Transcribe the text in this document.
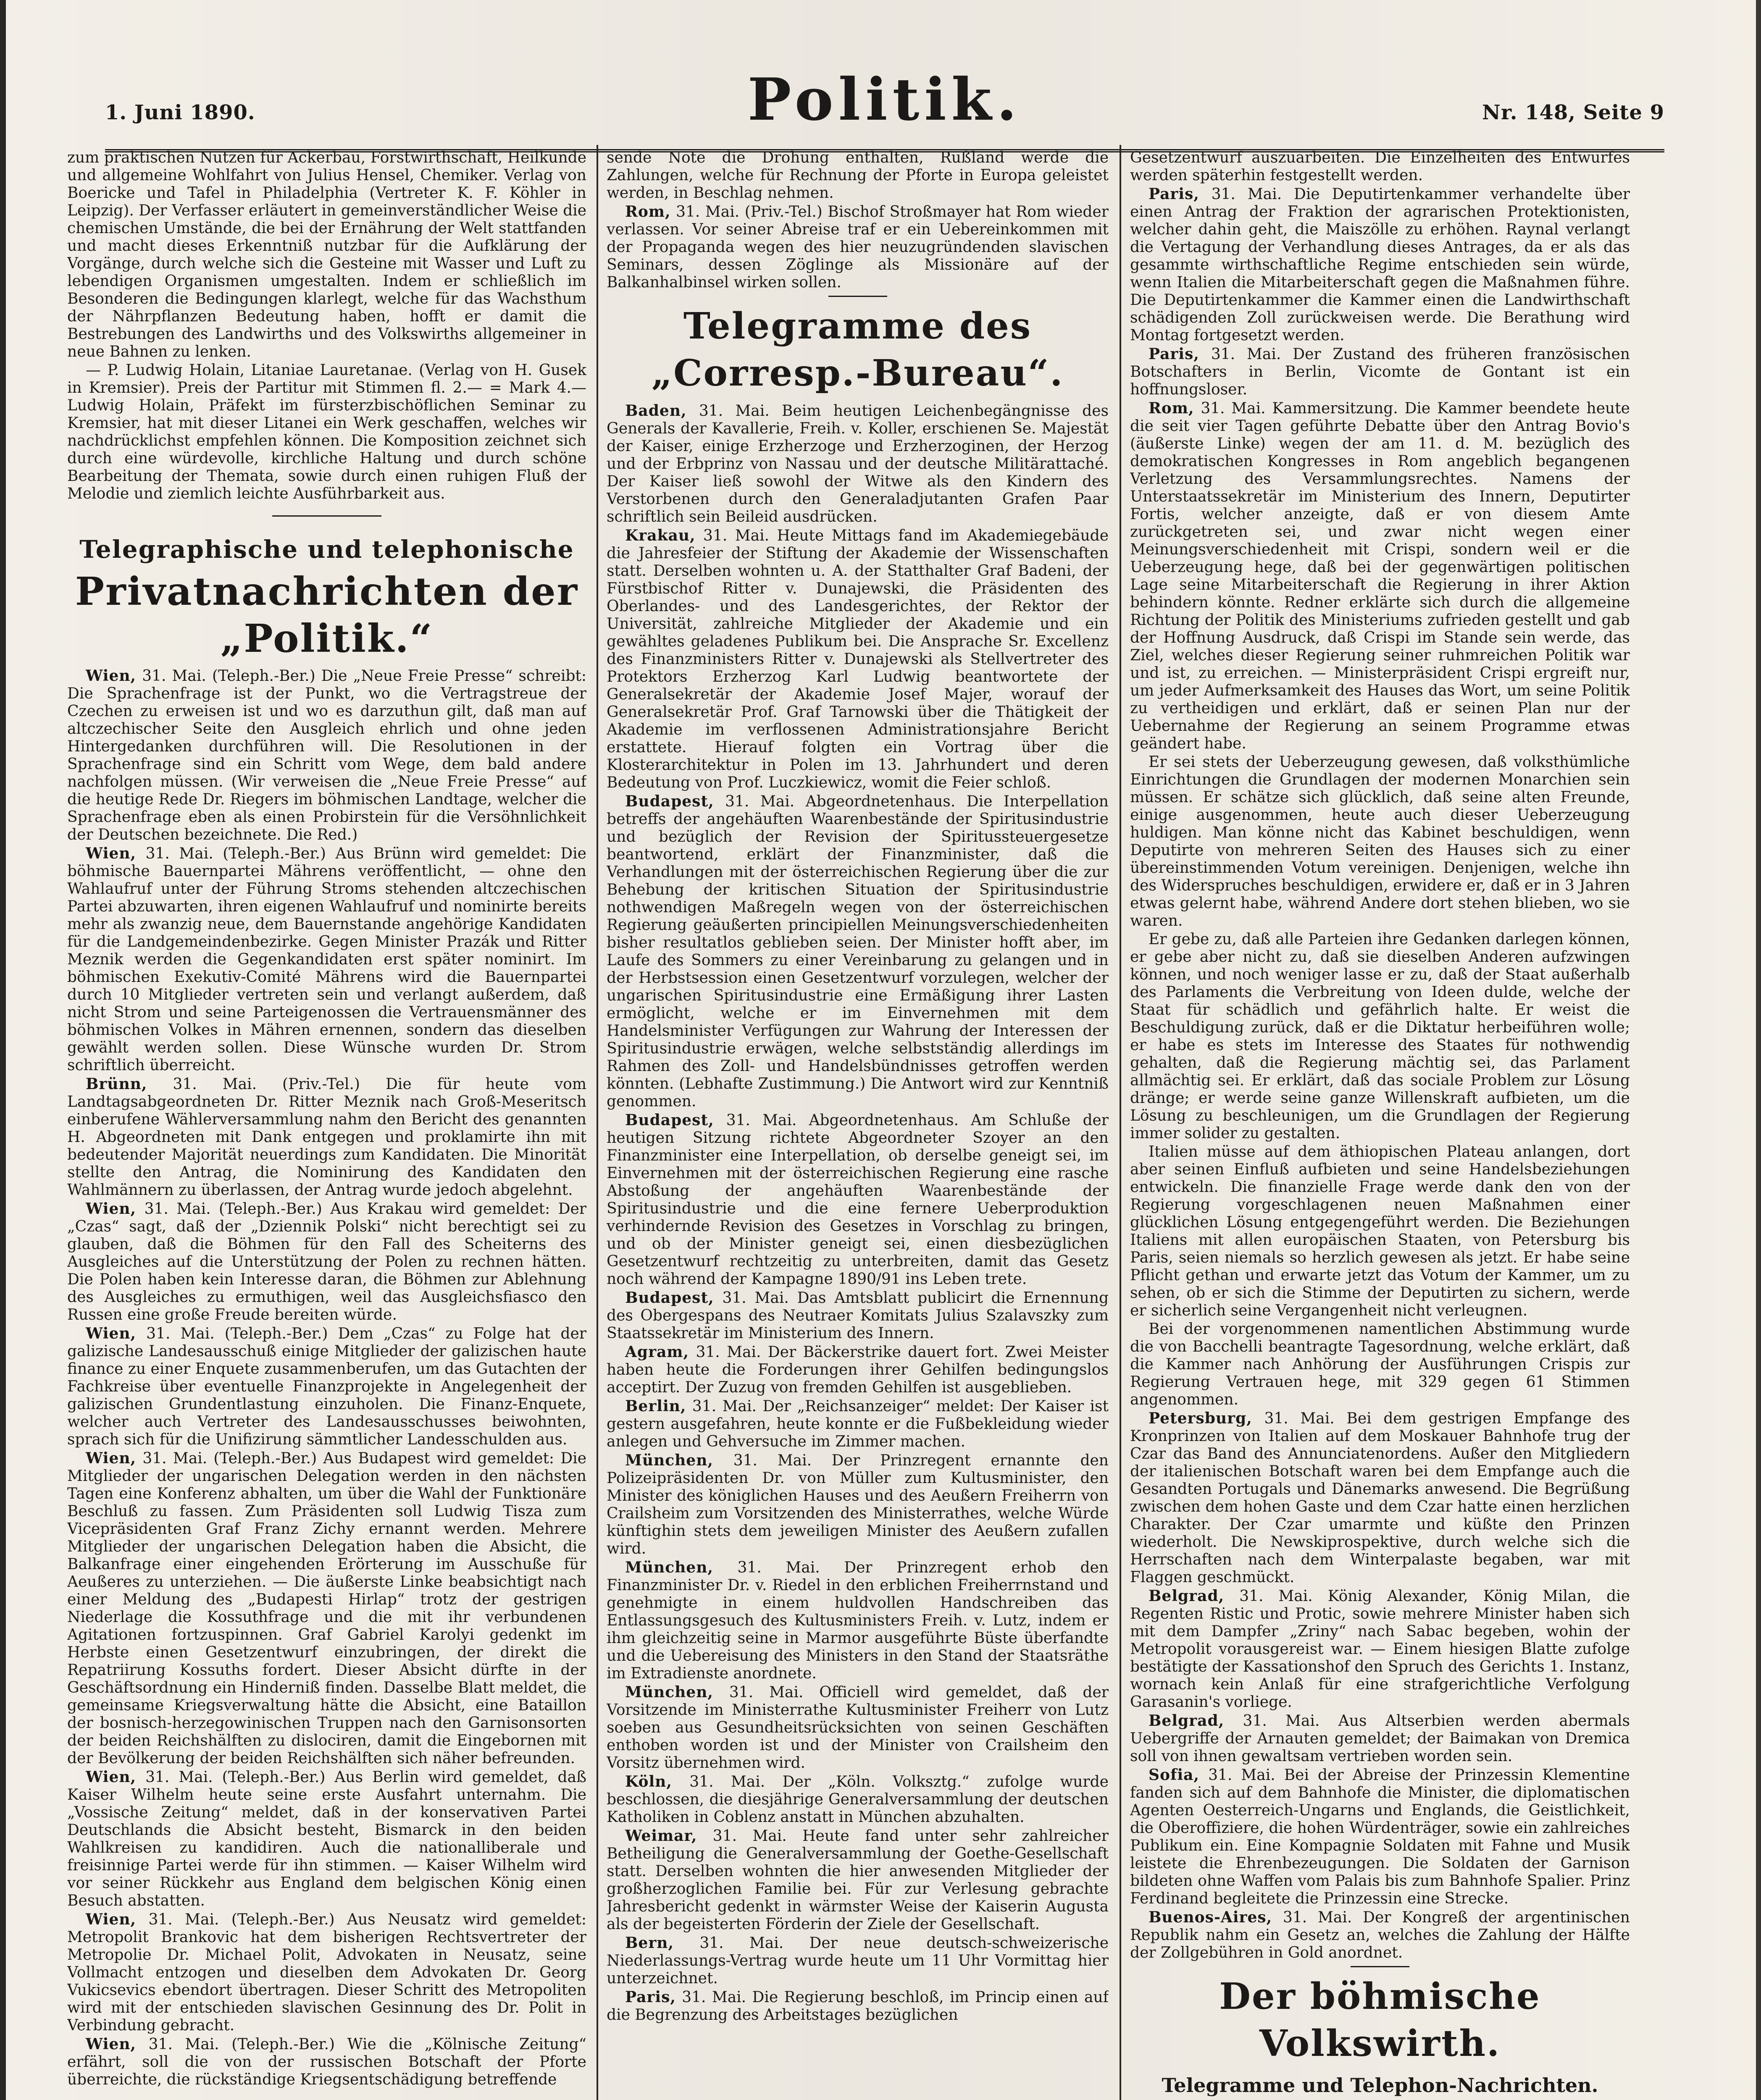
1. Juni 1890.	Politik.	Nr. 148, Seite 9

zum praktischen Nutzen für Ackerbau, Forstwirthschaft, Heilkunde und allgemeine Wohlfahrt von Julius Hensel, Chemiker. Verlag von Boericke und Tafel in Philadelphia (Vertreter K. F. Köhler in Leipzig). Der Verfasser erläutert in gemeinverständlicher Weise die chemischen Umstände, die bei der Ernährung der Welt stattfanden und macht dieses Erkenntniß nutzbar für die Aufklärung der Vorgänge, durch welche sich die Gesteine mit Wasser und Luft zu lebendigen Organismen umgestalten. Indem er schließlich im Besonderen die Bedingungen klarlegt, welche für das Wachsthum der Nährpflanzen Bedeutung haben, hofft er damit die Bestrebungen des Landwirths und des Volkswirths allgemeiner in neue Bahnen zu lenken.

— P. Ludwig Holain, Litaniae Lauretanae. (Verlag von H. Gusek in Kremsier). Preis der Partitur mit Stimmen fl. 2.— = Mark 4.— Ludwig Holain, Präfekt im fürsterzbischöflichen Seminar zu Kremsier, hat mit dieser Litanei ein Werk geschaffen, welches wir nachdrücklichst empfehlen können. Die Komposition zeichnet sich durch eine würdevolle, kirchliche Haltung und durch schöne Bearbeitung der Themata, sowie durch einen ruhigen Fluß der Melodie und ziemlich leichte Ausführbarkeit aus.

Telegraphische und telephonische
Privatnachrichten der „Politik.“

Wien, 31. Mai. (Teleph.-Ber.) Die „Neue Freie Presse“ schreibt: Die Sprachenfrage ist der Punkt, wo die Vertragstreue der Czechen zu erweisen ist und wo es darzuthun gilt, daß man auf altczechischer Seite den Ausgleich ehrlich und ohne jeden Hintergedanken durchführen will. Die Resolutionen in der Sprachenfrage sind ein Schritt vom Wege, dem bald andere nachfolgen müssen. (Wir verweisen die „Neue Freie Presse“ auf die heutige Rede Dr. Riegers im böhmischen Landtage, welcher die Sprachenfrage eben als einen Probirstein für die Versöhnlichkeit der Deutschen bezeichnete. Die Red.)

Wien, 31. Mai. (Teleph.-Ber.) Aus Brünn wird gemeldet: Die böhmische Bauernpartei Mährens veröffentlicht, — ohne den Wahlaufruf unter der Führung Stroms stehenden altczechischen Partei abzuwarten, ihren eigenen Wahlaufruf und nominirte bereits mehr als zwanzig neue, dem Bauernstande angehörige Kandidaten für die Landgemeindenbezirke. Gegen Minister Prazák und Ritter Meznik werden die Gegenkandidaten erst später nominirt. Im böhmischen Exekutiv-Comité Mährens wird die Bauernpartei durch 10 Mitglieder vertreten sein und verlangt außerdem, daß nicht Strom und seine Parteigenossen die Vertrauensmänner des böhmischen Volkes in Mähren ernennen, sondern das dieselben gewählt werden sollen. Diese Wünsche wurden Dr. Strom schriftlich überreicht.

Brünn, 31. Mai. (Priv.-Tel.) Die für heute vom Landtagsabgeordneten Dr. Ritter Meznik nach Groß-Meseritsch einberufene Wählerversammlung nahm den Bericht des genannten H. Abgeordneten mit Dank entgegen und proklamirte ihn mit bedeutender Majorität neuerdings zum Kandidaten. Die Minorität stellte den Antrag, die Nominirung des Kandidaten den Wahlmännern zu überlassen, der Antrag wurde jedoch abgelehnt.

Wien, 31. Mai. (Teleph.-Ber.) Aus Krakau wird gemeldet: Der „Czas“ sagt, daß der „Dziennik Polski“ nicht berechtigt sei zu glauben, daß die Böhmen für den Fall des Scheiterns des Ausgleiches auf die Unterstützung der Polen zu rechnen hätten. Die Polen haben kein Interesse daran, die Böhmen zur Ablehnung des Ausgleiches zu ermuthigen, weil das Ausgleichsfiasco den Russen eine große Freude bereiten würde.

Wien, 31. Mai. (Teleph.-Ber.) Dem „Czas“ zu Folge hat der galizische Landesausschuß einige Mitglieder der galizischen haute finance zu einer Enquete zusammenberufen, um das Gutachten der Fachkreise über eventuelle Finanzprojekte in Angelegenheit der galizischen Grundentlastung einzuholen. Die Finanz-Enquete, welcher auch Vertreter des Landesausschusses beiwohnten, sprach sich für die Unifizirung sämmtlicher Landesschulden aus.

Wien, 31. Mai. (Teleph.-Ber.) Aus Budapest wird gemeldet: Die Mitglieder der ungarischen Delegation werden in den nächsten Tagen eine Konferenz abhalten, um über die Wahl der Funktionäre Beschluß zu fassen. Zum Präsidenten soll Ludwig Tisza zum Vicepräsidenten Graf Franz Zichy ernannt werden. Mehrere Mitglieder der ungarischen Delegation haben die Absicht, die Balkanfrage einer eingehenden Erörterung im Ausschuße für Aeußeres zu unterziehen. — Die äußerste Linke beabsichtigt nach einer Meldung des „Budapesti Hirlap“ trotz der gestrigen Niederlage die Kossuthfrage und die mit ihr verbundenen Agitationen fortzuspinnen. Graf Gabriel Karolyi gedenkt im Herbste einen Gesetzentwurf einzubringen, der direkt die Repatriirung Kossuths fordert. Dieser Absicht dürfte in der Geschäftsordnung ein Hinderniß finden. Dasselbe Blatt meldet, die gemeinsame Kriegsverwaltung hätte die Absicht, eine Bataillon der bosnisch-herzegowinischen Truppen nach den Garnisonsorten der beiden Reichshälften zu dislociren, damit die Eingebornen mit der Bevölkerung der beiden Reichshälften sich näher befreunden.

Wien, 31. Mai. (Teleph.-Ber.) Aus Berlin wird gemeldet, daß Kaiser Wilhelm heute seine erste Ausfahrt unternahm. Die „Vossische Zeitung“ meldet, daß in der konservativen Partei Deutschlands die Absicht besteht, Bismarck in den beiden Wahlkreisen zu kandidiren. Auch die nationalliberale und freisinnige Partei werde für ihn stimmen. — Kaiser Wilhelm wird vor seiner Rückkehr aus England dem belgischen König einen Besuch abstatten.

Wien, 31. Mai. (Teleph.-Ber.) Aus Neusatz wird gemeldet: Metropolit Brankovic hat dem bisherigen Rechtsvertreter der Metropolie Dr. Michael Polit, Advokaten in Neusatz, seine Vollmacht entzogen und dieselben dem Advokaten Dr. Georg Vukicsevics ebendort übertragen. Dieser Schritt des Metropoliten wird mit der entschieden slavischen Gesinnung des Dr. Polit in Verbindung gebracht.

Wien, 31. Mai. (Teleph.-Ber.) Wie die „Kölnische Zeitung“ erfährt, soll die von der russischen Botschaft der Pforte überreichte, die rückständige Kriegsentschädigung betreffende

sende Note die Drohung enthalten, Rußland werde die Zahlungen, welche für Rechnung der Pforte in Europa geleistet werden, in Beschlag nehmen.

Rom, 31. Mai. (Priv.-Tel.) Bischof Stroßmayer hat Rom wieder verlassen. Vor seiner Abreise traf er ein Uebereinkommen mit der Propaganda wegen des hier neuzugründenden slavischen Seminars, dessen Zöglinge als Missionäre auf der Balkanhalbinsel wirken sollen.

Telegramme des „Corresp.-Bureau“.

Baden, 31. Mai. Beim heutigen Leichenbegängnisse des Generals der Kavallerie, Freih. v. Koller, erschienen Se. Majestät der Kaiser, einige Erzherzoge und Erzherzoginen, der Herzog und der Erbprinz von Nassau und der deutsche Militärattaché. Der Kaiser ließ sowohl der Witwe als den Kindern des Verstorbenen durch den Generaladjutanten Grafen Paar schriftlich sein Beileid ausdrücken.

Krakau, 31. Mai. Heute Mittags fand im Akademiegebäude die Jahresfeier der Stiftung der Akademie der Wissenschaften statt. Derselben wohnten u. A. der Statthalter Graf Badeni, der Fürstbischof Ritter v. Dunajewski, die Präsidenten des Oberlandes- und des Landesgerichtes, der Rektor der Universität, zahlreiche Mitglieder der Akademie und ein gewähltes geladenes Publikum bei. Die Ansprache Sr. Excellenz des Finanzministers Ritter v. Dunajewski als Stellvertreter des Protektors Erzherzog Karl Ludwig beantwortete der Generalsekretär der Akademie Josef Majer, worauf der Generalsekretär Prof. Graf Tarnowski über die Thätigkeit der Akademie im verflossenen Administrationsjahre Bericht erstattete. Hierauf folgten ein Vortrag über die Klosterarchitektur in Polen im 13. Jahrhundert und deren Bedeutung von Prof. Luczkiewicz, womit die Feier schloß.

Budapest, 31. Mai. Abgeordnetenhaus. Die Interpellation betreffs der angehäuften Waarenbestände der Spiritusindustrie und bezüglich der Revision der Spiritussteuergesetze beantwortend, erklärt der Finanzminister, daß die Verhandlungen mit der österreichischen Regierung über die zur Behebung der kritischen Situation der Spiritusindustrie nothwendigen Maßregeln wegen von der österreichischen Regierung geäußerten principiellen Meinungsverschiedenheiten bisher resultatlos geblieben seien. Der Minister hofft aber, im Laufe des Sommers zu einer Vereinbarung zu gelangen und in der Herbstsession einen Gesetzentwurf vorzulegen, welcher der ungarischen Spiritusindustrie eine Ermäßigung ihrer Lasten ermöglicht, welche er im Einvernehmen mit dem Handelsminister Verfügungen zur Wahrung der Interessen der Spiritusindustrie erwägen, welche selbstständig allerdings im Rahmen des Zoll- und Handelsbündnisses getroffen werden könnten. (Lebhafte Zustimmung.) Die Antwort wird zur Kenntniß genommen.

Budapest, 31. Mai. Abgeordnetenhaus. Am Schluße der heutigen Sitzung richtete Abgeordneter Szoyer an den Finanzminister eine Interpellation, ob derselbe geneigt sei, im Einvernehmen mit der österreichischen Regierung eine rasche Abstoßung der angehäuften Waarenbestände der Spiritusindustrie und die eine fernere Ueberproduktion verhindernde Revision des Gesetzes in Vorschlag zu bringen, und ob der Minister geneigt sei, einen diesbezüglichen Gesetzentwurf rechtzeitig zu unterbreiten, damit das Gesetz noch während der Kampagne 1890/91 ins Leben trete.

Budapest, 31. Mai. Das Amtsblatt publicirt die Ernennung des Obergespans des Neutraer Komitats Julius Szalavszky zum Staatssekretär im Ministerium des Innern.

Agram, 31. Mai. Der Bäckerstrike dauert fort. Zwei Meister haben heute die Forderungen ihrer Gehilfen bedingungslos acceptirt. Der Zuzug von fremden Gehilfen ist ausgeblieben.

Berlin, 31. Mai. Der „Reichsanzeiger“ meldet: Der Kaiser ist gestern ausgefahren, heute konnte er die Fußbekleidung wieder anlegen und Gehversuche im Zimmer machen.

München, 31. Mai. Der Prinzregent ernannte den Polizeipräsidenten Dr. von Müller zum Kultusminister, den Minister des königlichen Hauses und des Aeußern Freiherrn von Crailsheim zum Vorsitzenden des Ministerrathes, welche Würde künftighin stets dem jeweiligen Minister des Aeußern zufallen wird.

München, 31. Mai. Der Prinzregent erhob den Finanzminister Dr. v. Riedel in den erblichen Freiherrnstand und genehmigte in einem huldvollen Handschreiben das Entlassungsgesuch des Kultusministers Freih. v. Lutz, indem er ihm gleichzeitig seine in Marmor ausgeführte Büste überfandte und die Uebereisung des Ministers in den Stand der Staatsräthe im Extradienste anordnete.

München, 31. Mai. Officiell wird gemeldet, daß der Vorsitzende im Ministerrathe Kultusminister Freiherr von Lutz soeben aus Gesundheitsrücksichten von seinen Geschäften enthoben worden ist und der Minister von Crailsheim den Vorsitz übernehmen wird.

Köln, 31. Mai. Der „Köln. Volksztg.“ zufolge wurde beschlossen, die diesjährige Generalversammlung der deutschen Katholiken in Coblenz anstatt in München abzuhalten.

Weimar, 31. Mai. Heute fand unter sehr zahlreicher Betheiligung die Generalversammlung der Goethe-Gesellschaft statt. Derselben wohnten die hier anwesenden Mitglieder der großherzoglichen Familie bei. Für zur Verlesung gebrachte Jahresbericht gedenkt in wärmster Weise der Kaiserin Augusta als der begeisterten Förderin der Ziele der Gesellschaft.

Bern, 31. Mai. Der neue deutsch-schweizerische Niederlassungs-Vertrag wurde heute um 11 Uhr Vormittag hier unterzeichnet.

Paris, 31. Mai. Die Regierung beschloß, im Princip einen auf die Begrenzung des Arbeitstages bezüglichen

Gesetzentwurf auszuarbeiten. Die Einzelheiten des Entwurfes werden späterhin festgestellt werden.

Paris, 31. Mai. Die Deputirtenkammer verhandelte über einen Antrag der Fraktion der agrarischen Protektionisten, welcher dahin geht, die Maiszölle zu erhöhen. Raynal verlangt die Vertagung der Verhandlung dieses Antrages, da er als das gesammte wirthschaftliche Regime entschieden sein würde, wenn Italien die Mitarbeiterschaft gegen die Maßnahmen führe. Die Deputirtenkammer die Kammer einen die Landwirthschaft schädigenden Zoll zurückweisen werde. Die Berathung wird Montag fortgesetzt werden.

Paris, 31. Mai. Der Zustand des früheren französischen Botschafters in Berlin, Vicomte de Gontant ist ein hoffnungsloser.

Rom, 31. Mai. Kammersitzung. Die Kammer beendete heute die seit vier Tagen geführte Debatte über den Antrag Bovio's (äußerste Linke) wegen der am 11. d. M. bezüglich des demokratischen Kongresses in Rom angeblich begangenen Verletzung des Versammlungsrechtes. Namens der Unterstaatssekretär im Ministerium des Innern, Deputirter Fortis, welcher anzeigte, daß er von diesem Amte zurückgetreten sei, und zwar nicht wegen einer Meinungsverschiedenheit mit Crispi, sondern weil er die Ueberzeugung hege, daß bei der gegenwärtigen politischen Lage seine Mitarbeiterschaft die Regierung in ihrer Aktion behindern könnte. Redner erklärte sich durch die allgemeine Richtung der Politik des Ministeriums zufrieden gestellt und gab der Hoffnung Ausdruck, daß Crispi im Stande sein werde, das Ziel, welches dieser Regierung seiner ruhmreichen Politik war und ist, zu erreichen. — Ministerpräsident Crispi ergreift nur, um jeder Aufmerksamkeit des Hauses das Wort, um seine Politik zu vertheidigen und erklärt, daß er seinen Plan nur der Uebernahme der Regierung an seinem Programme etwas geändert habe.

Er sei stets der Ueberzeugung gewesen, daß volksthümliche Einrichtungen die Grundlagen der modernen Monarchien sein müssen. Er schätze sich glücklich, daß seine alten Freunde, einige ausgenommen, heute auch dieser Ueberzeugung huldigen. Man könne nicht das Kabinet beschuldigen, wenn Deputirte von mehreren Seiten des Hauses sich zu einer übereinstimmenden Votum vereinigen. Denjenigen, welche ihn des Widerspruches beschuldigen, erwidere er, daß er in 3 Jahren etwas gelernt habe, während Andere dort stehen blieben, wo sie waren.

Er gebe zu, daß alle Parteien ihre Gedanken darlegen können, er gebe aber nicht zu, daß sie dieselben Anderen aufzwingen können, und noch weniger lasse er zu, daß der Staat außerhalb des Parlaments die Verbreitung von Ideen dulde, welche der Staat für schädlich und gefährlich halte. Er weist die Beschuldigung zurück, daß er die Diktatur herbeiführen wolle; er habe es stets im Interesse des Staates für nothwendig gehalten, daß die Regierung mächtig sei, das Parlament allmächtig sei. Er erklärt, daß das sociale Problem zur Lösung dränge; er werde seine ganze Willenskraft aufbieten, um die Lösung zu beschleunigen, um die Grundlagen der Regierung immer solider zu gestalten.

Italien müsse auf dem äthiopischen Plateau anlangen, dort aber seinen Einfluß aufbieten und seine Handelsbeziehungen entwickeln. Die finanzielle Frage werde dank den von der Regierung vorgeschlagenen neuen Maßnahmen einer glücklichen Lösung entgegengeführt werden. Die Beziehungen Italiens mit allen europäischen Staaten, von Petersburg bis Paris, seien niemals so herzlich gewesen als jetzt. Er habe seine Pflicht gethan und erwarte jetzt das Votum der Kammer, um zu sehen, ob er sich die Stimme der Deputirten zu sichern, werde er sicherlich seine Vergangenheit nicht verleugnen.

Bei der vorgenommenen namentlichen Abstimmung wurde die von Bacchelli beantragte Tagesordnung, welche erklärt, daß die Kammer nach Anhörung der Ausführungen Crispis zur Regierung Vertrauen hege, mit 329 gegen 61 Stimmen angenommen.

Petersburg, 31. Mai. Bei dem gestrigen Empfange des Kronprinzen von Italien auf dem Moskauer Bahnhofe trug der Czar das Band des Annunciatenordens. Außer den Mitgliedern der italienischen Botschaft waren bei dem Empfange auch die Gesandten Portugals und Dänemarks anwesend. Die Begrüßung zwischen dem hohen Gaste und dem Czar hatte einen herzlichen Charakter. Der Czar umarmte und küßte den Prinzen wiederholt. Die Newskiprospektive, durch welche sich die Herrschaften nach dem Winterpalaste begaben, war mit Flaggen geschmückt.

Belgrad, 31. Mai. König Alexander, König Milan, die Regenten Ristic und Protic, sowie mehrere Minister haben sich mit dem Dampfer „Zriny“ nach Sabac begeben, wohin der Metropolit vorausgereist war. — Einem hiesigen Blatte zufolge bestätigte der Kassationshof den Spruch des Gerichts 1. Instanz, wornach kein Anlaß für eine strafgerichtliche Verfolgung Garasanin's vorliege.

Belgrad, 31. Mai. Aus Altserbien werden abermals Uebergriffe der Arnauten gemeldet; der Baimakan von Dremica soll von ihnen gewaltsam vertrieben worden sein.

Sofia, 31. Mai. Bei der Abreise der Prinzessin Klementine fanden sich auf dem Bahnhofe die Minister, die diplomatischen Agenten Oesterreich-Ungarns und Englands, die Geistlichkeit, die Oberoffiziere, die hohen Würdenträger, sowie ein zahlreiches Publikum ein. Eine Kompagnie Soldaten mit Fahne und Musik leistete die Ehrenbezeugungen. Die Soldaten der Garnison bildeten ohne Waffen vom Palais bis zum Bahnhofe Spalier. Prinz Ferdinand begleitete die Prinzessin eine Strecke.

Buenos-Aires, 31. Mai. Der Kongreß der argentinischen Republik nahm ein Gesetz an, welches die Zahlung der Hälfte der Zollgebühren in Gold anordnet.

Der böhmische Volkswirth.
Telegramme und Telephon-Nachrichten.
